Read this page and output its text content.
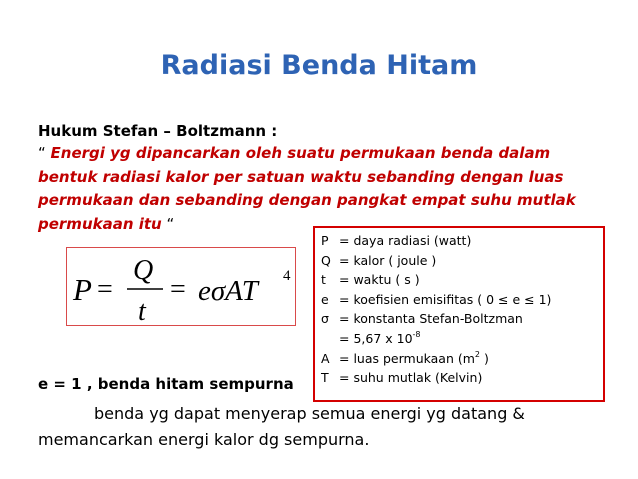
Radiasi Benda Hitam
Hukum Stefan – Boltzmann :
“ Energi yg dipancarkan oleh suatu permukaan benda dalam bentuk radiasi kalor per satuan waktu sebanding dengan luas permukaan dan sebanding dengan pangkat empat suhu mutlak permukaan itu “
P =
Q
t
= eσAT 4
P = daya radiasi (watt)
Q = kalor ( joule )
t = waktu ( s )
e = koefisien emisifitas ( 0 ≤ e ≤ 1)
σ = konstanta Stefan-Boltzman
= 5,67 x $10^{-8}$
A = luas permukaan ($m^2$ )
T = suhu mutlak (Kelvin)
e = 1 , benda hitam sempurna
benda yg dapat menyerap semua energi yg datang &
memancarkan energi kalor dg sempurna.
